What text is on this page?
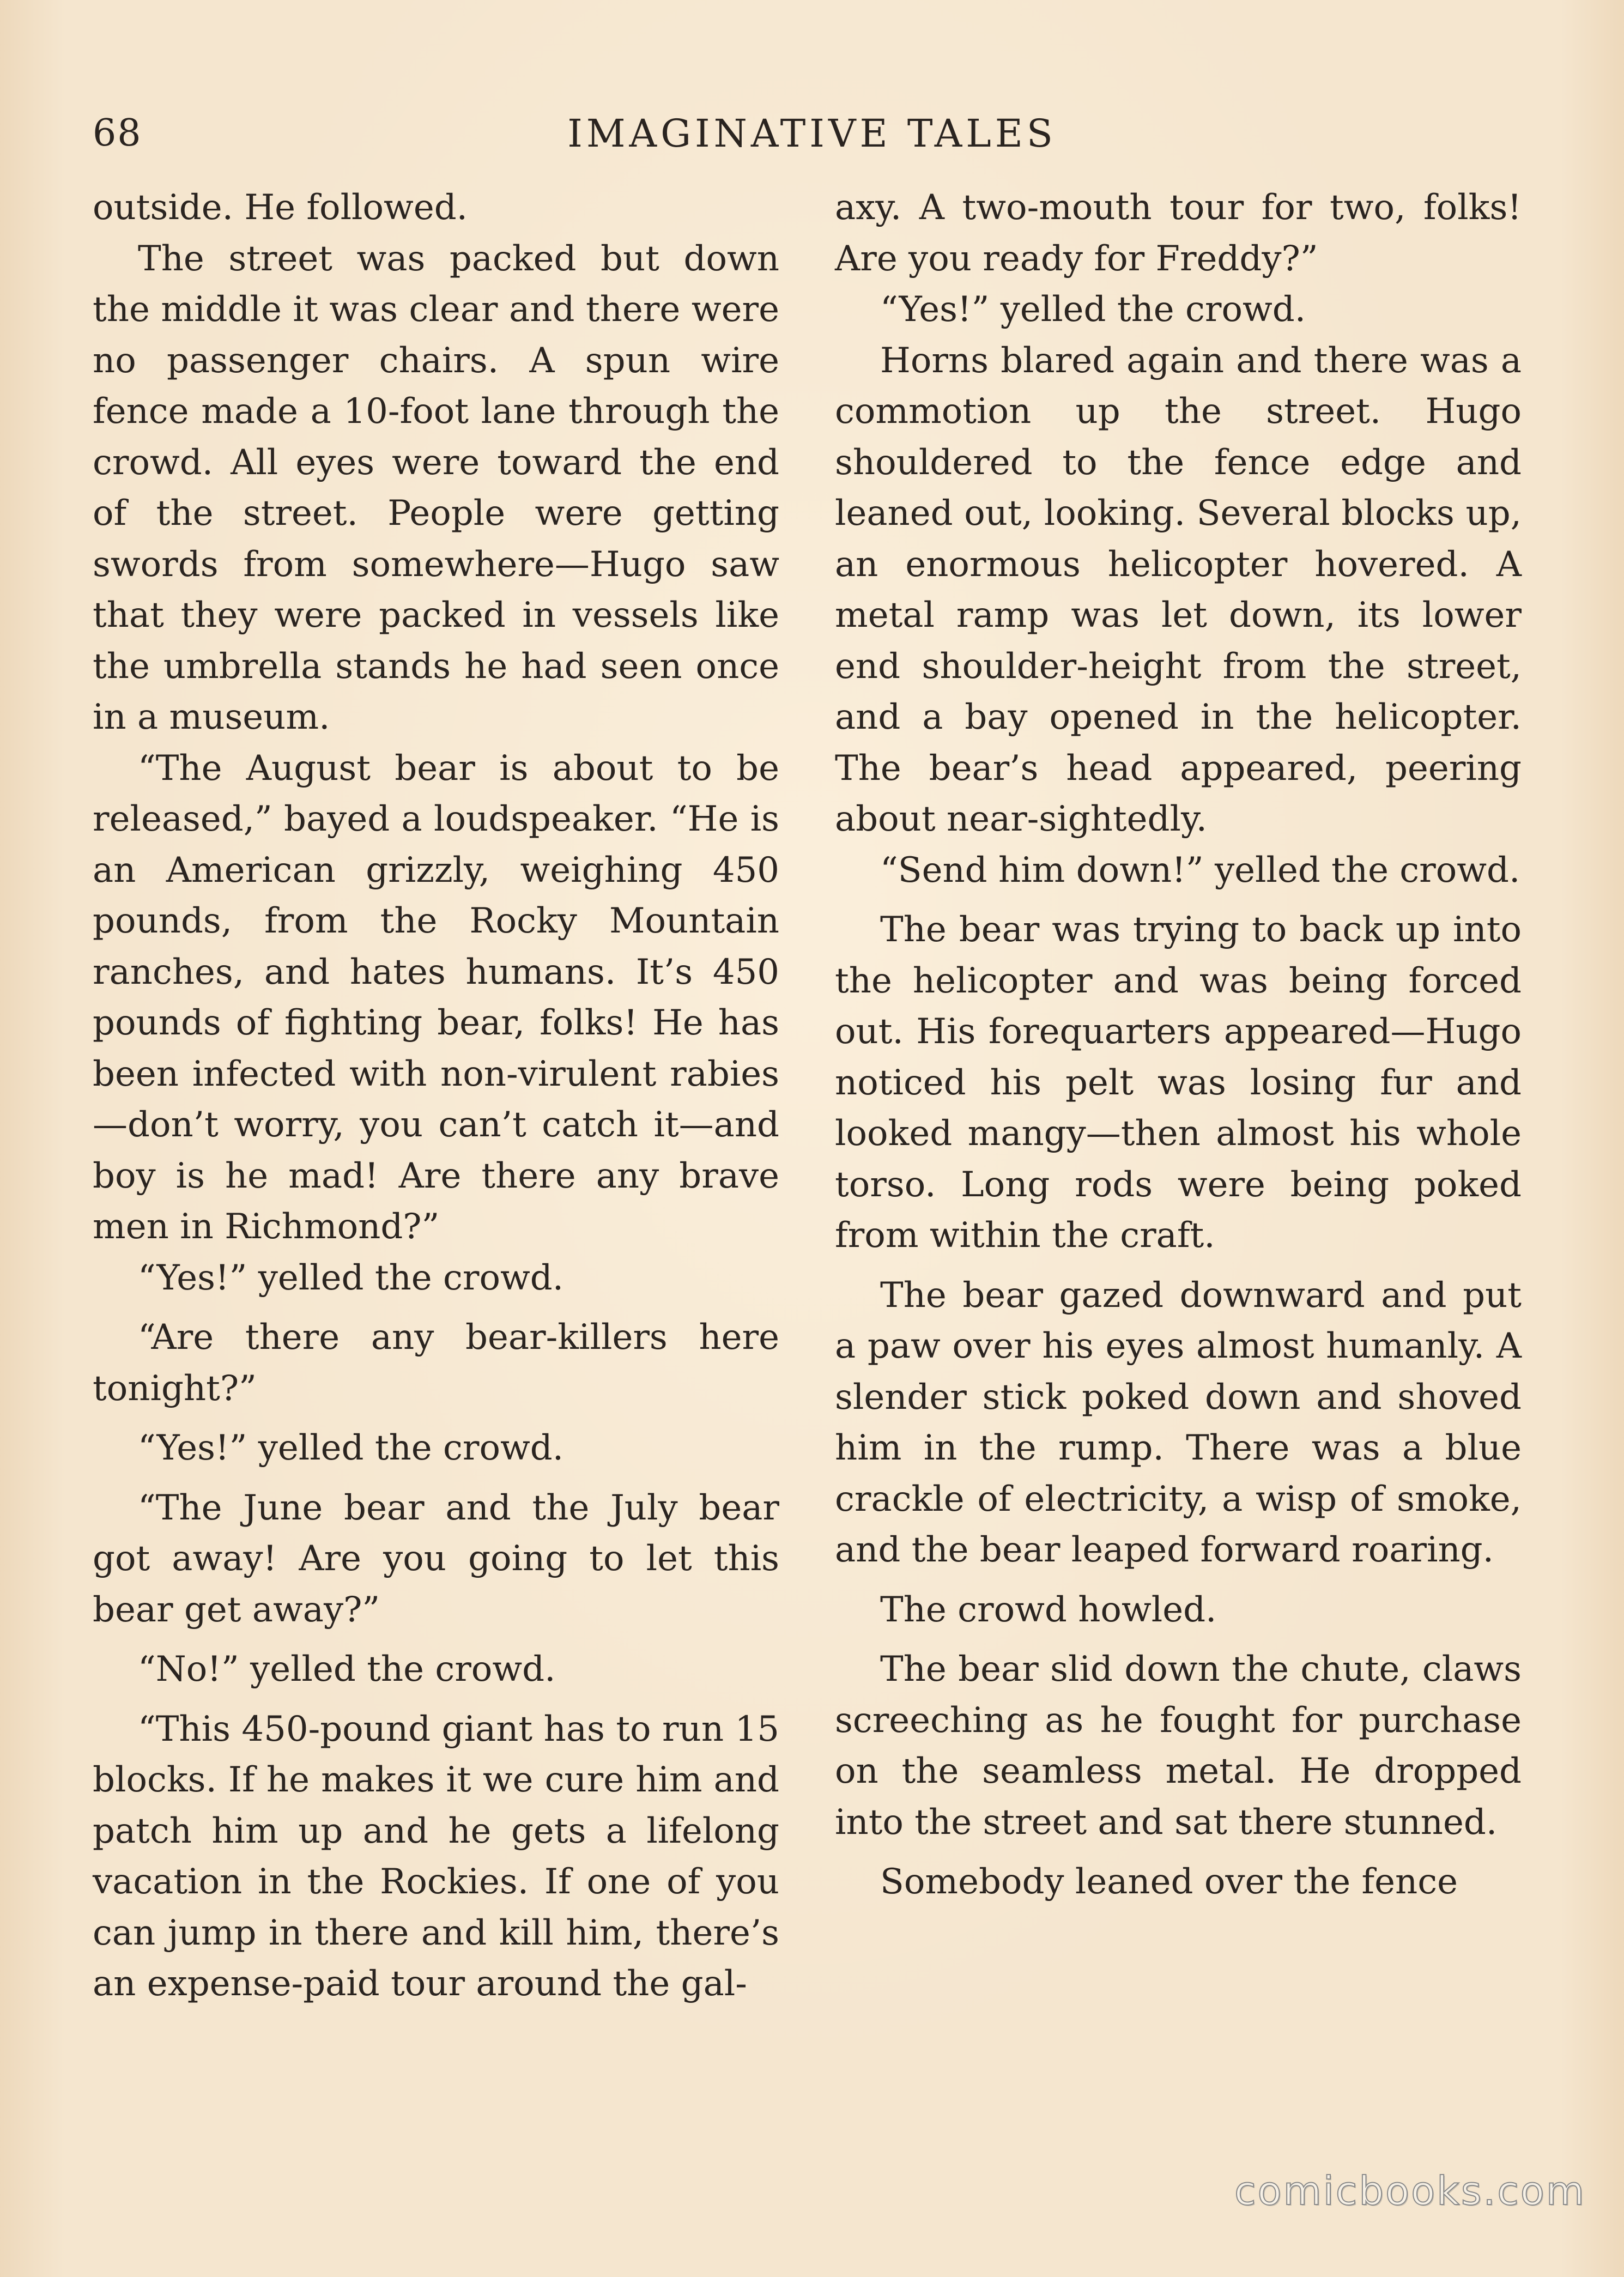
68	IMAGINATIVE TALES

outside. He followed.

The street was packed but down the middle it was clear and there were no passenger chairs. A spun wire fence made a 10-foot lane through the crowd. All eyes were toward the end of the street. People were getting swords from somewhere—Hugo saw that they were packed in vessels like the umbrella stands he had seen once in a museum.

“The August bear is about to be released,” bayed a loudspeaker. “He is an American grizzly, weighing 450 pounds, from the Rocky Mountain ranches, and hates humans. It’s 450 pounds of fighting bear, folks! He has been infected with non-virulent rabies—don’t worry, you can’t catch it—and boy is he mad! Are there any brave men in Richmond?”

“Yes!” yelled the crowd.

“Are there any bear-killers here tonight?”

“Yes!” yelled the crowd.

“The June bear and the July bear got away! Are you going to let this bear get away?”

“No!” yelled the crowd.

“This 450-pound giant has to run 15 blocks. If he makes it we cure him and patch him up and he gets a lifelong vacation in the Rockies. If one of you can jump in there and kill him, there’s an expense-paid tour around the gal-

axy. A two-mouth tour for two, folks! Are you ready for Freddy?”

“Yes!” yelled the crowd.

Horns blared again and there was a commotion up the street. Hugo shouldered to the fence edge and leaned out, looking. Several blocks up, an enormous helicopter hovered. A metal ramp was let down, its lower end shoulder-height from the street, and a bay opened in the helicopter. The bear’s head appeared, peering about near-sightedly.

“Send him down!” yelled the crowd.

The bear was trying to back up into the helicopter and was being forced out. His forequarters appeared—Hugo noticed his pelt was losing fur and looked mangy—then almost his whole torso. Long rods were being poked from within the craft.

The bear gazed downward and put a paw over his eyes almost humanly. A slender stick poked down and shoved him in the rump. There was a blue crackle of electricity, a wisp of smoke, and the bear leaped forward roaring.

The crowd howled.

The bear slid down the chute, claws screeching as he fought for purchase on the seamless metal. He dropped into the street and sat there stunned.

Somebody leaned over the fence

comicbooks.com
